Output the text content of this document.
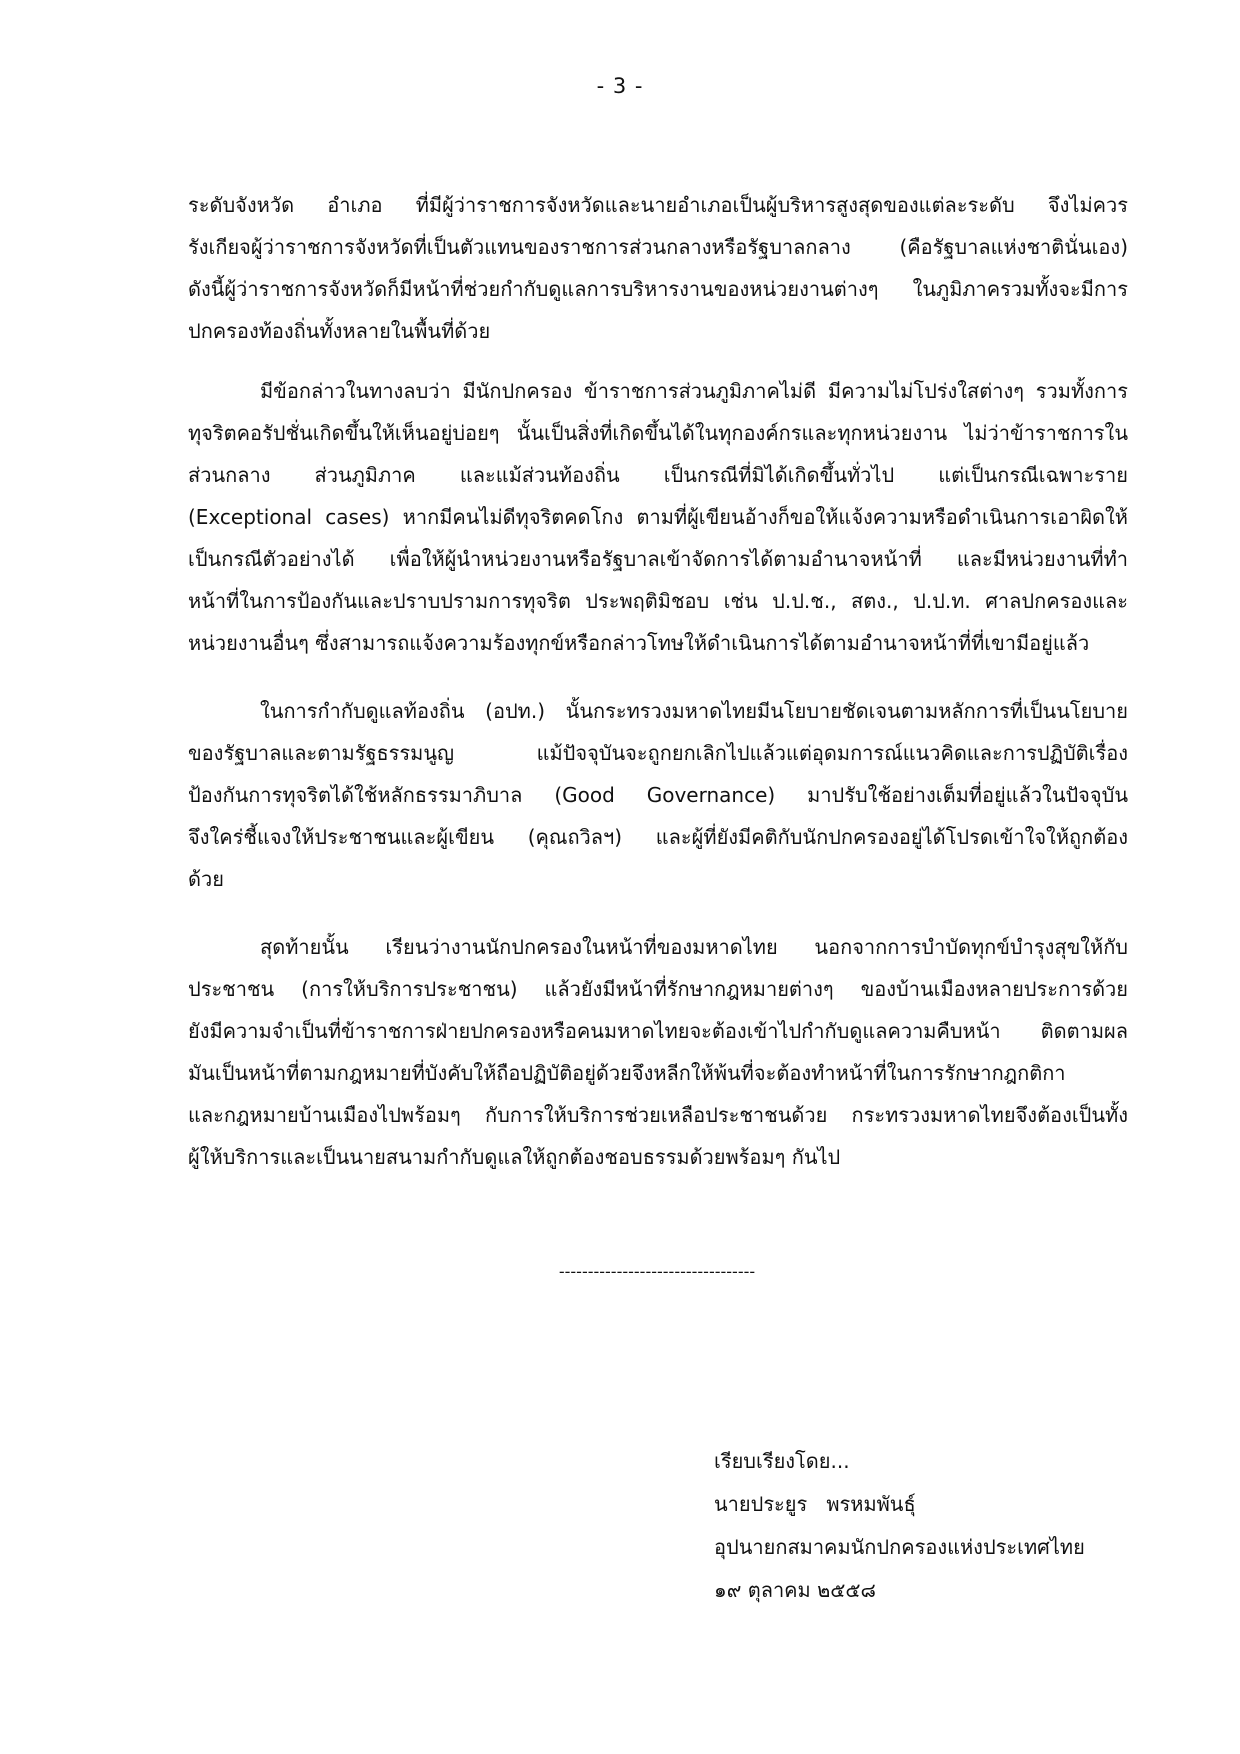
- 3 -

ระดับจังหวัด อำเภอ ที่มีผู้ว่าราชการจังหวัดและนายอำเภอเป็นผู้บริหารสูงสุดของแต่ละระดับ จึงไม่ควร
รังเกียจผู้ว่าราชการจังหวัดที่เป็นตัวแทนของราชการส่วนกลางหรือรัฐบาลกลาง (คือรัฐบาลแห่งชาตินั่นเอง)
ดังนี้ผู้ว่าราชการจังหวัดก็มีหน้าที่ช่วยกำกับดูแลการบริหารงานของหน่วยงานต่างๆ ในภูมิภาครวมทั้งจะมีการ
ปกครองท้องถิ่นทั้งหลายในพื้นที่ด้วย

มีข้อกล่าวในทางลบว่า มีนักปกครอง ข้าราชการส่วนภูมิภาคไม่ดี มีความไม่โปร่งใสต่างๆ รวมทั้งการ
ทุจริตคอรัปชั่นเกิดขึ้นให้เห็นอยู่บ่อยๆ นั้นเป็นสิ่งที่เกิดขึ้นได้ในทุกองค์กรและทุกหน่วยงาน ไม่ว่าข้าราชการใน
ส่วนกลาง ส่วนภูมิภาค และแม้ส่วนท้องถิ่น เป็นกรณีที่มิได้เกิดขึ้นทั่วไป แต่เป็นกรณีเฉพาะราย
(Exceptional cases) หากมีคนไม่ดีทุจริตคดโกง ตามที่ผู้เขียนอ้างก็ขอให้แจ้งความหรือดำเนินการเอาผิดให้
เป็นกรณีตัวอย่างได้ เพื่อให้ผู้นำหน่วยงานหรือรัฐบาลเข้าจัดการได้ตามอำนาจหน้าที่ และมีหน่วยงานที่ทำ
หน้าที่ในการป้องกันและปราบปรามการทุจริต ประพฤติมิชอบ เช่น ป.ป.ช., สตง., ป.ป.ท. ศาลปกครองและ
หน่วยงานอื่นๆ ซึ่งสามารถแจ้งความร้องทุกข์หรือกล่าวโทษให้ดำเนินการได้ตามอำนาจหน้าที่ที่เขามีอยู่แล้ว

ในการกำกับดูแลท้องถิ่น (อปท.) นั้นกระทรวงมหาดไทยมีนโยบายชัดเจนตามหลักการที่เป็นนโยบาย
ของรัฐบาลและตามรัฐธรรมนูญ แม้ปัจจุบันจะถูกยกเลิกไปแล้วแต่อุดมการณ์แนวคิดและการปฏิบัติเรื่อง
ป้องกันการทุจริตได้ใช้หลักธรรมาภิบาล (Good Governance) มาปรับใช้อย่างเต็มที่อยู่แล้วในปัจจุบัน
จึงใคร่ชี้แจงให้ประชาชนและผู้เขียน (คุณถวิลฯ) และผู้ที่ยังมีคติกับนักปกครองอยู่ได้โปรดเข้าใจให้ถูกต้อง
ด้วย

สุดท้ายนั้น เรียนว่างานนักปกครองในหน้าที่ของมหาดไทย นอกจากการบำบัดทุกข์บำรุงสุขให้กับ
ประชาชน (การให้บริการประชาชน) แล้วยังมีหน้าที่รักษากฎหมายต่างๆ ของบ้านเมืองหลายประการด้วย
ยังมีความจำเป็นที่ข้าราชการฝ่ายปกครองหรือคนมหาดไทยจะต้องเข้าไปกำกับดูแลความคืบหน้า ติดตามผล
มันเป็นหน้าที่ตามกฎหมายที่บังคับให้ถือปฏิบัติอยู่ด้วยจึงหลีกให้พ้นที่จะต้องทำหน้าที่ในการรักษากฎกติกา
และกฎหมายบ้านเมืองไปพร้อมๆ กับการให้บริการช่วยเหลือประชาชนด้วย กระทรวงมหาดไทยจึงต้องเป็นทั้ง
ผู้ให้บริการและเป็นนายสนามกำกับดูแลให้ถูกต้องชอบธรรมด้วยพร้อมๆ กันไป

----------------------------------
เรียบเรียงโดย...
นายประยูร   พรหมพันธุ์
อุปนายกสมาคมนักปกครองแห่งประเทศไทย
๑๙ ตุลาคม ๒๕๕๘
